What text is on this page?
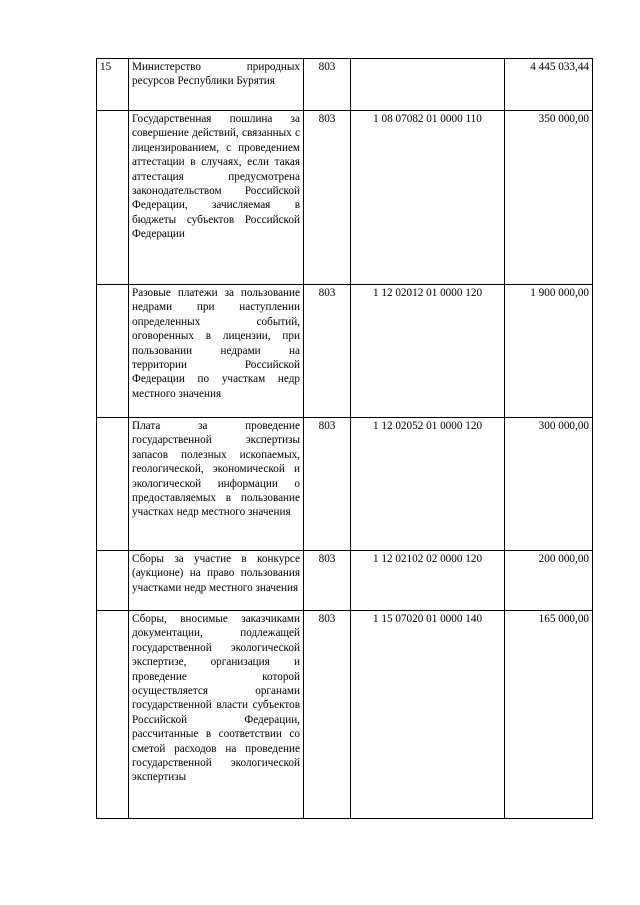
15	Министерство природных ресурсов Республики Бурятия	803		4 445 033,44
	Государственная пошлина за совершение действий, связанных с лицензированием, с проведением аттестации в случаях, если такая аттестация предусмотрена законодательством Российской Федерации, зачисляемая в бюджеты субъектов Российской Федерации	803	1 08 07082 01 0000 110	350 000,00
	Разовые платежи за пользование недрами при наступлении определенных событий, оговоренных в лицензии, при пользовании недрами на территории Российской Федерации по участкам недр местного значения	803	1 12 02012 01 0000 120	1 900 000,00
	Плата за проведение государственной экспертизы запасов полезных ископаемых, геологической, экономической и экологической информации о предоставляемых в пользование участках недр местного значения	803	1 12 02052 01 0000 120	300 000,00
	Сборы за участие в конкурсе (аукционе) на право пользования участками недр местного значения	803	1 12 02102 02 0000 120	200 000,00
	Сборы, вносимые заказчиками документации, подлежащей государственной экологической экспертизе, организация и проведение которой осуществляется органами государственной власти субъектов Российской Федерации, рассчитанные в соответствии со сметой расходов на проведение государственной экологической экспертизы	803	1 15 07020 01 0000 140	165 000,00
